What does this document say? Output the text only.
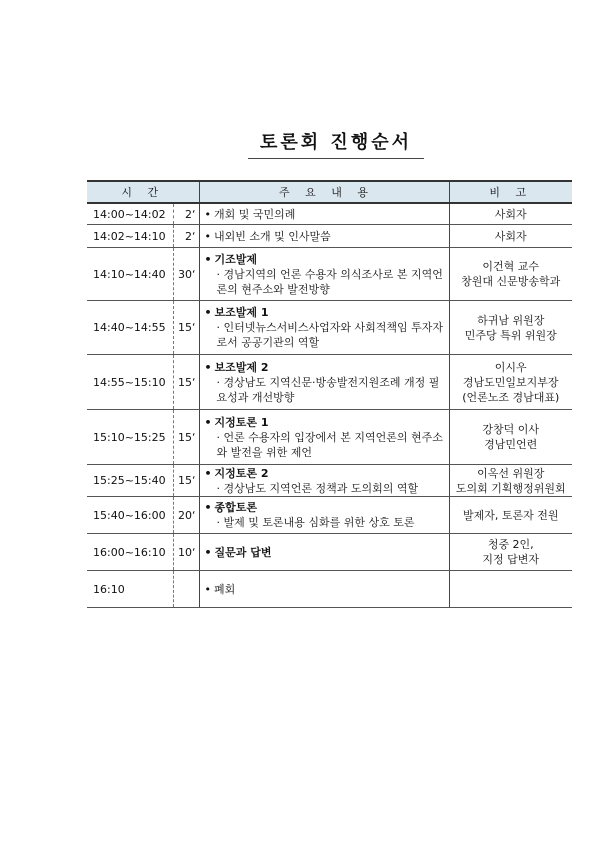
토론회 진행순서
시 간		주 요 내 용	비 고
14:00~14:02	2‘	• 개회 및 국민의례	사회자

14:02~14:10	2‘	• 내외빈 소개 및 인사말씀	사회자

14:10~14:40	30‘	• 기조발제
· 경남지역의 언론 수용자 의식조사로 본 지역언론의 현주소와 발전방향	이건혁 교수
창원대 신문방송학과

14:40~14:55	15‘	• 보조발제 1
· 인터넷뉴스서비스사업자와 사회적책임 투자자로서 공공기관의 역할	하귀남 위원장
민주당 특위 위원장

14:55~15:10	15‘	• 보조발제 2
· 경상남도 지역신문·방송발전지원조례 개정 필요성과 개선방향	이시우
경남도민일보지부장
(언론노조 경남대표)

15:10~15:25	15‘	• 지정토론 1
· 언론 수용자의 입장에서 본 지역언론의 현주소와 발전을 위한 제언	강창덕 이사
경남민언련

15:25~15:40	15‘	• 지정토론 2
· 경상남도 지역언론 정책과 도의회의 역할	이옥선 위원장
도의회 기획행정위원회

15:40~16:00	20‘	• 종합토론
· 발제 및 토론내용 심화를 위한 상호 토론	발제자, 토론자 전원

16:00~16:10	10‘	• 질문과 답변	청중 2인,
지정 답변자

16:10		• 폐회	
